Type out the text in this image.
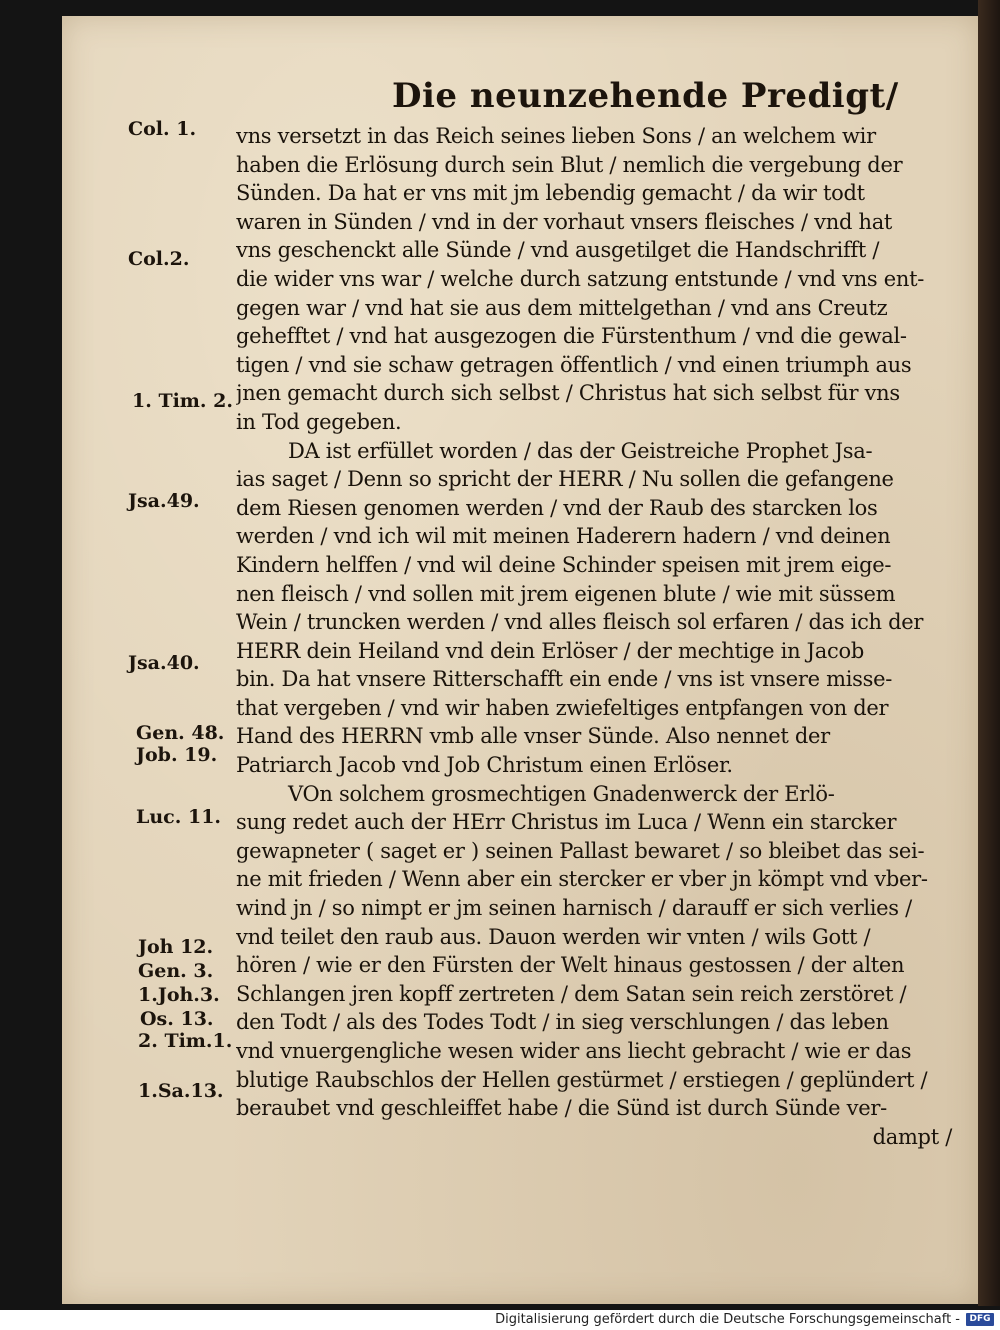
Die neunzehende Predigt/
Col. 1.
Col.2.
1. Tim. 2.
Jsa.49.
Jsa.40.
Gen. 48.
Job. 19.
Luc. 11.
Joh 12.
Gen. 3.
1.Joh.3.
Os. 13.
2. Tim.1.
1.Sa.13.
vns versetzt in das Reich seines lieben Sons / an welchem wir
haben die Erlösung durch sein Blut / nemlich die vergebung der
Sünden. Da hat er vns mit jm lebendig gemacht / da wir todt
waren in Sünden / vnd in der vorhaut vnsers fleisches / vnd hat
vns geschenckt alle Sünde / vnd ausgetilget die Handschrifft /
die wider vns war / welche durch satzung entstunde / vnd vns ent-
gegen war / vnd hat sie aus dem mittelgethan / vnd ans Creutz
gehefftet / vnd hat ausgezogen die Fürstenthum / vnd die gewal-
tigen / vnd sie schaw getragen öffentlich / vnd einen triumph aus
jnen gemacht durch sich selbst / Christus hat sich selbst für vns
in Tod gegeben.
DA ist erfüllet worden / das der Geistreiche Prophet Jsa-
ias saget / Denn so spricht der HERR / Nu sollen die gefangene
dem Riesen genomen werden / vnd der Raub des starcken los
werden / vnd ich wil mit meinen Haderern hadern / vnd deinen
Kindern helffen / vnd wil deine Schinder speisen mit jrem eige-
nen fleisch / vnd sollen mit jrem eigenen blute / wie mit süssem
Wein / truncken werden / vnd alles fleisch sol erfaren / das ich der
HERR dein Heiland vnd dein Erlöser / der mechtige in Jacob
bin. Da hat vnsere Ritterschafft ein ende / vns ist vnsere misse-
that vergeben / vnd wir haben zwiefeltiges entpfangen von der
Hand des HERRN vmb alle vnser Sünde. Also nennet der
Patriarch Jacob vnd Job Christum einen Erlöser.
VOn solchem grosmechtigen Gnadenwerck der Erlö-
sung redet auch der HErr Christus im Luca / Wenn ein starcker
gewapneter ( saget er ) seinen Pallast bewaret / so bleibet das sei-
ne mit frieden / Wenn aber ein stercker er vber jn kömpt vnd vber-
wind jn / so nimpt er jm seinen harnisch / darauff er sich verlies /
vnd teilet den raub aus. Dauon werden wir vnten / wils Gott /
hören / wie er den Fürsten der Welt hinaus gestossen / der alten
Schlangen jren kopff zertreten / dem Satan sein reich zerstöret /
den Todt / als des Todes Todt / in sieg verschlungen / das leben
vnd vnuergengliche wesen wider ans liecht gebracht / wie er das
blutige Raubschlos der Hellen gestürmet / erstiegen / geplündert /
beraubet vnd geschleiffet habe / die Sünd ist durch Sünde ver-
dampt /
Digitalisierung gefördert durch die Deutsche Forschungsgemeinschaft -	DFG
